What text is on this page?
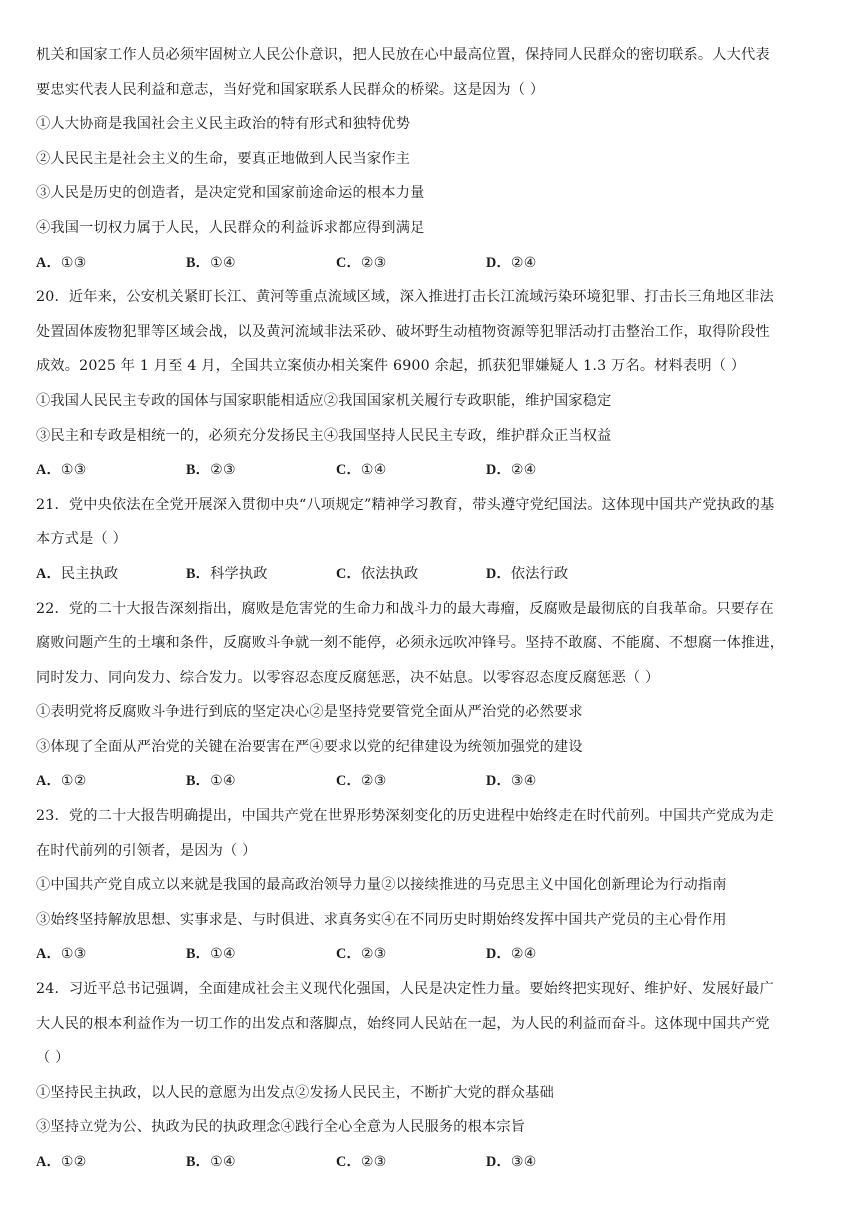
机关和国家工作人员必须牢固树立人民公仆意识，把人民放在心中最高位置，保持同人民群众的密切联系。人大代表
要忠实代表人民利益和意志，当好党和国家联系人民群众的桥梁。这是因为（ ）
①人大协商是我国社会主义民主政治的特有形式和独特优势
②人民民主是社会主义的生命，要真正地做到人民当家作主
③人民是历史的创造者，是决定党和国家前途命运的根本力量
④我国一切权力属于人民，人民群众的利益诉求都应得到满足
A．①③	B．①④	C．②③	D．②④
20．近年来，公安机关紧盯长江、黄河等重点流域区域，深入推进打击长江流域污染环境犯罪、打击长三角地区非法
处置固体废物犯罪等区域会战，以及黄河流域非法采砂、破坏野生动植物资源等犯罪活动打击整治工作，取得阶段性
成效。2025 年 1 月至 4 月，全国共立案侦办相关案件 6900 余起，抓获犯罪嫌疑人 1.3 万名。材料表明（ ）
①我国人民民主专政的国体与国家职能相适应②我国国家机关履行专政职能，维护国家稳定
③民主和专政是相统一的，必须充分发扬民主④我国坚持人民民主专政，维护群众正当权益
A．①③	B．②③	C．①④	D．②④
21．党中央依法在全党开展深入贯彻中央“八项规定”精神学习教育，带头遵守党纪国法。这体现中国共产党执政的基
本方式是（ ）
A．民主执政	B．科学执政	C．依法执政	D．依法行政
22．党的二十大报告深刻指出，腐败是危害党的生命力和战斗力的最大毒瘤，反腐败是最彻底的自我革命。只要存在
腐败问题产生的土壤和条件，反腐败斗争就一刻不能停，必须永远吹冲锋号。坚持不敢腐、不能腐、不想腐一体推进，
同时发力、同向发力、综合发力。以零容忍态度反腐惩恶，决不姑息。以零容忍态度反腐惩恶（ ）
①表明党将反腐败斗争进行到底的坚定决心②是坚持党要管党全面从严治党的必然要求
③体现了全面从严治党的关键在治要害在严④要求以党的纪律建设为统领加强党的建设
A．①②	B．①④	C．②③	D．③④
23．党的二十大报告明确提出，中国共产党在世界形势深刻变化的历史进程中始终走在时代前列。中国共产党成为走
在时代前列的引领者，是因为（ ）
①中国共产党自成立以来就是我国的最高政治领导力量②以接续推进的马克思主义中国化创新理论为行动指南
③始终坚持解放思想、实事求是、与时俱进、求真务实④在不同历史时期始终发挥中国共产党员的主心骨作用
A．①③	B．①④	C．②③	D．②④
24．习近平总书记强调，全面建成社会主义现代化强国，人民是决定性力量。要始终把实现好、维护好、发展好最广
大人民的根本利益作为一切工作的出发点和落脚点，始终同人民站在一起，为人民的利益而奋斗。这体现中国共产党
（ ）
①坚持民主执政，以人民的意愿为出发点②发扬人民民主，不断扩大党的群众基础
③坚持立党为公、执政为民的执政理念④践行全心全意为人民服务的根本宗旨
A．①②	B．①④	C．②③	D．③④
